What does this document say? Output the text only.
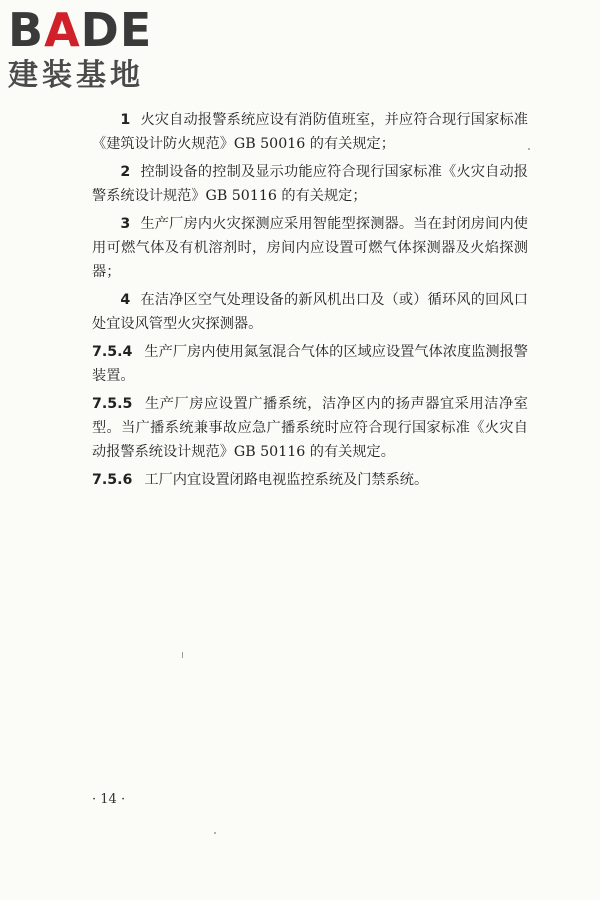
B A DE
建装基地

1 火灾自动报警系统应设有消防值班室，并应符合现行国家标准《建筑设计防火规范》GB 50016 的有关规定；

2 控制设备的控制及显示功能应符合现行国家标准《火灾自动报警系统设计规范》GB 50116 的有关规定；

3 生产厂房内火灾探测应采用智能型探测器。当在封闭房间内使用可燃气体及有机溶剂时，房间内应设置可燃气体探测器及火焰探测器；

4 在洁净区空气处理设备的新风机出口及（或）循环风的回风口处宜设风管型火灾探测器。

7.5.4 生产厂房内使用氮氢混合气体的区域应设置气体浓度监测报警装置。

7.5.5 生产厂房应设置广播系统，洁净区内的扬声器宜采用洁净室型。当广播系统兼事故应急广播系统时应符合现行国家标准《火灾自动报警系统设计规范》GB 50116 的有关规定。

7.5.6 工厂内宜设置闭路电视监控系统及门禁系统。

· 14 ·
